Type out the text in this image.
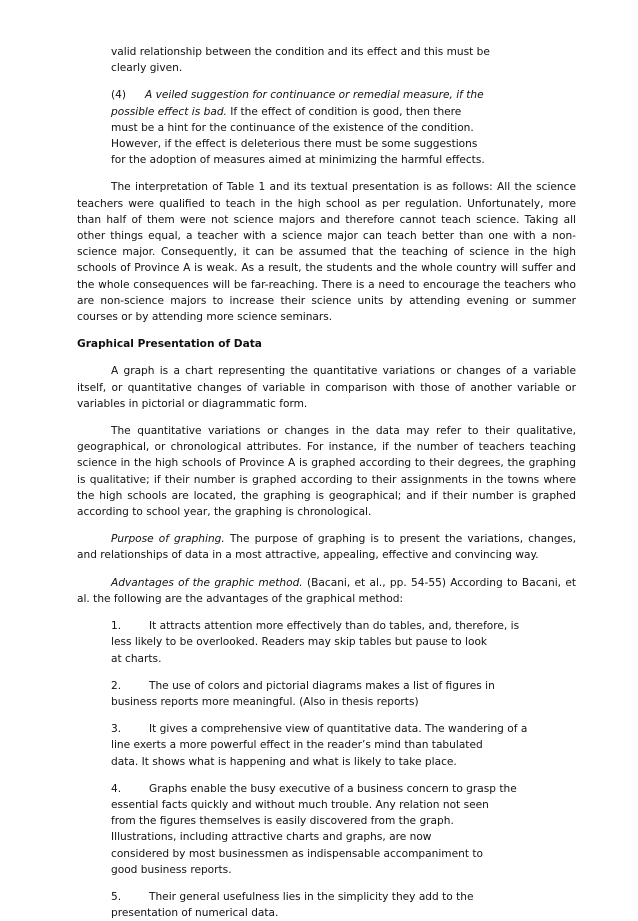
valid relationship between the condition and its effect and this must be
clearly given.
(4) A veiled suggestion for continuance or remedial measure, if the
possible effect is bad. If the effect of condition is good, then there
must be a hint for the continuance of the existence of the condition.
However, if the effect is deleterious there must be some suggestions
for the adoption of measures aimed at minimizing the harmful effects.

The interpretation of Table 1 and its textual presentation is as follows: All the science teachers were qualified to teach in the high school as per regulation. Unfortunately, more than half of them were not science majors and therefore cannot teach science. Taking all other things equal, a teacher with a science major can teach better than one with a non-science major. Consequently, it can be assumed that the teaching of science in the high schools of Province A is weak. As a result, the students and the whole country will suffer and the whole consequences will be far-reaching. There is a need to encourage the teachers who are non-science majors to increase their science units by attending evening or summer courses or by attending more science seminars.

Graphical Presentation of Data

A graph is a chart representing the quantitative variations or changes of a variable itself, or quantitative changes of variable in comparison with those of another variable or variables in pictorial or diagrammatic form.

The quantitative variations or changes in the data may refer to their qualitative, geographical, or chronological attributes. For instance, if the number of teachers teaching science in the high schools of Province A is graphed according to their degrees, the graphing is qualitative; if their number is graphed according to their assignments in the towns where the high schools are located, the graphing is geographical; and if their number is graphed according to school year, the graphing is chronological.

Purpose of graphing. The purpose of graphing is to present the variations, changes, and relationships of data in a most attractive, appealing, effective and convincing way.

Advantages of the graphic method. (Bacani, et al., pp. 54-55) According to Bacani, et al. the following are the advantages of the graphical method:

1.	It attracts attention more effectively than do tables, and, therefore, is
less likely to be overlooked. Readers may skip tables but pause to look
at charts.
2.	The use of colors and pictorial diagrams makes a list of figures in
business reports more meaningful. (Also in thesis reports)
3.	It gives a comprehensive view of quantitative data. The wandering of a
line exerts a more powerful effect in the reader’s mind than tabulated
data. It shows what is happening and what is likely to take place.
4.	Graphs enable the busy executive of a business concern to grasp the
essential facts quickly and without much trouble. Any relation not seen
from the figures themselves is easily discovered from the graph.
Illustrations, including attractive charts and graphs, are now
considered by most businessmen as indispensable accompaniment to
good business reports.
5.	Their general usefulness lies in the simplicity they add to the
presentation of numerical data.
